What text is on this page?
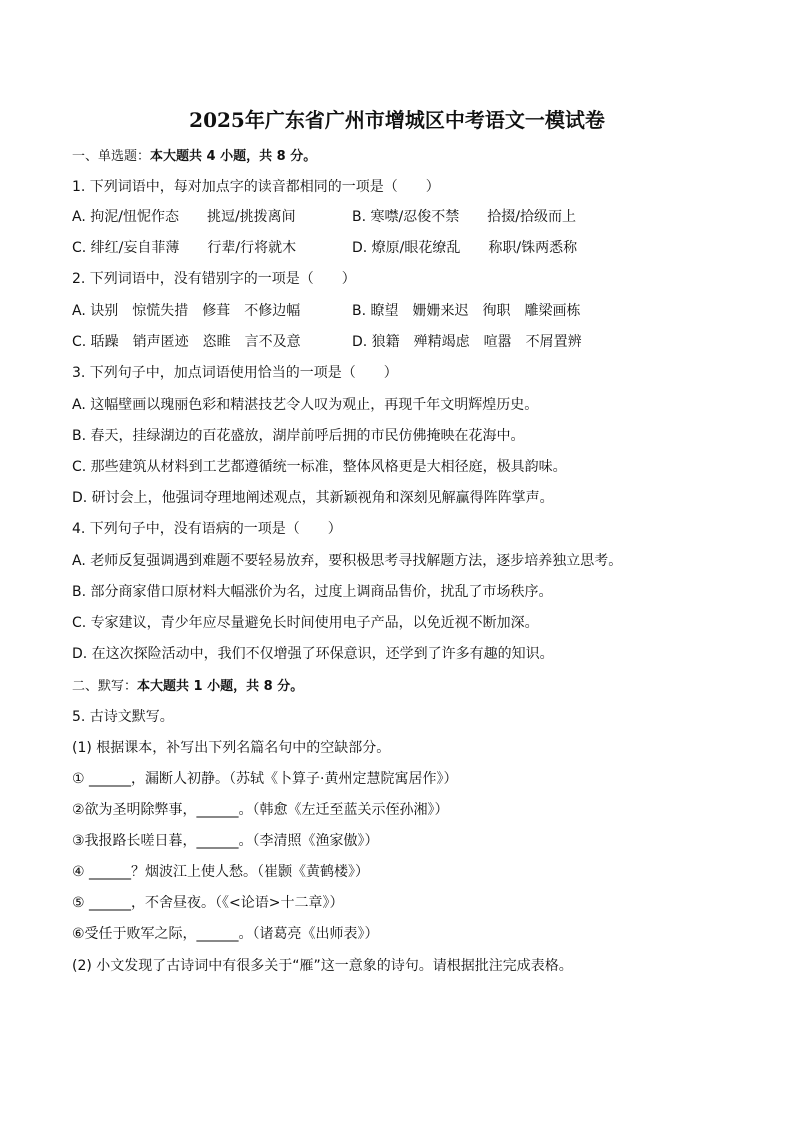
2025年广东省广州市增城区中考语文一模试卷
一、单选题：本大题共 4 小题，共 8 分。
1. 下列词语中，每对加点字的读音都相同的一项是（　　）
A. 拘泥/忸怩作态　　挑逗/挑拨离间	B. 寒噤/忍俊不禁　　拾掇/拾级而上
C. 绯红/妄自菲薄　　行辈/行将就木	D. 燎原/眼花缭乱　　称职/铢两悉称
2. 下列词语中，没有错别字的一项是（　　）
A. 诀别　惊慌失措　修葺　不修边幅	B. 瞭望　姗姗来迟　徇职　雕梁画栋
C. 聒躁　销声匿迹　恣睢　言不及意	D. 狼籍　殚精竭虑　喧嚣　不屑置辨
3. 下列句子中，加点词语使用恰当的一项是（　　）
A. 这幅壁画以瑰丽色彩和精湛技艺令人叹为观止，再现千年文明辉煌历史。
B. 春天，挂绿湖边的百花盛放，湖岸前呼后拥的市民仿佛掩映在花海中。
C. 那些建筑从材料到工艺都遵循统一标准，整体风格更是大相径庭，极具韵味。
D. 研讨会上，他强词夺理地阐述观点，其新颖视角和深刻见解赢得阵阵掌声。
4. 下列句子中，没有语病的一项是（　　）
A. 老师反复强调遇到难题不要轻易放弃，要积极思考寻找解题方法，逐步培养独立思考。
B. 部分商家借口原材料大幅涨价为名，过度上调商品售价，扰乱了市场秩序。
C. 专家建议，青少年应尽量避免长时间使用电子产品，以免近视不断加深。
D. 在这次探险活动中，我们不仅增强了环保意识，还学到了许多有趣的知识。
二、默写：本大题共 1 小题，共 8 分。
5. 古诗文默写。
(1) 根据课本，补写出下列名篇名句中的空缺部分。
① ______，漏断人初静。（苏轼《卜算子·黄州定慧院寓居作》）
②欲为圣明除弊事，______。（韩愈《左迁至蓝关示侄孙湘》）
③我报路长嗟日暮，______。（李清照《渔家傲》）
④ ______？烟波江上使人愁。（崔颢《黄鹤楼》）
⑤ ______，不舍昼夜。（《<论语>十二章》）
⑥受任于败军之际，______。（诸葛亮《出师表》）
(2) 小文发现了古诗词中有很多关于“雁”这一意象的诗句。请根据批注完成表格。
